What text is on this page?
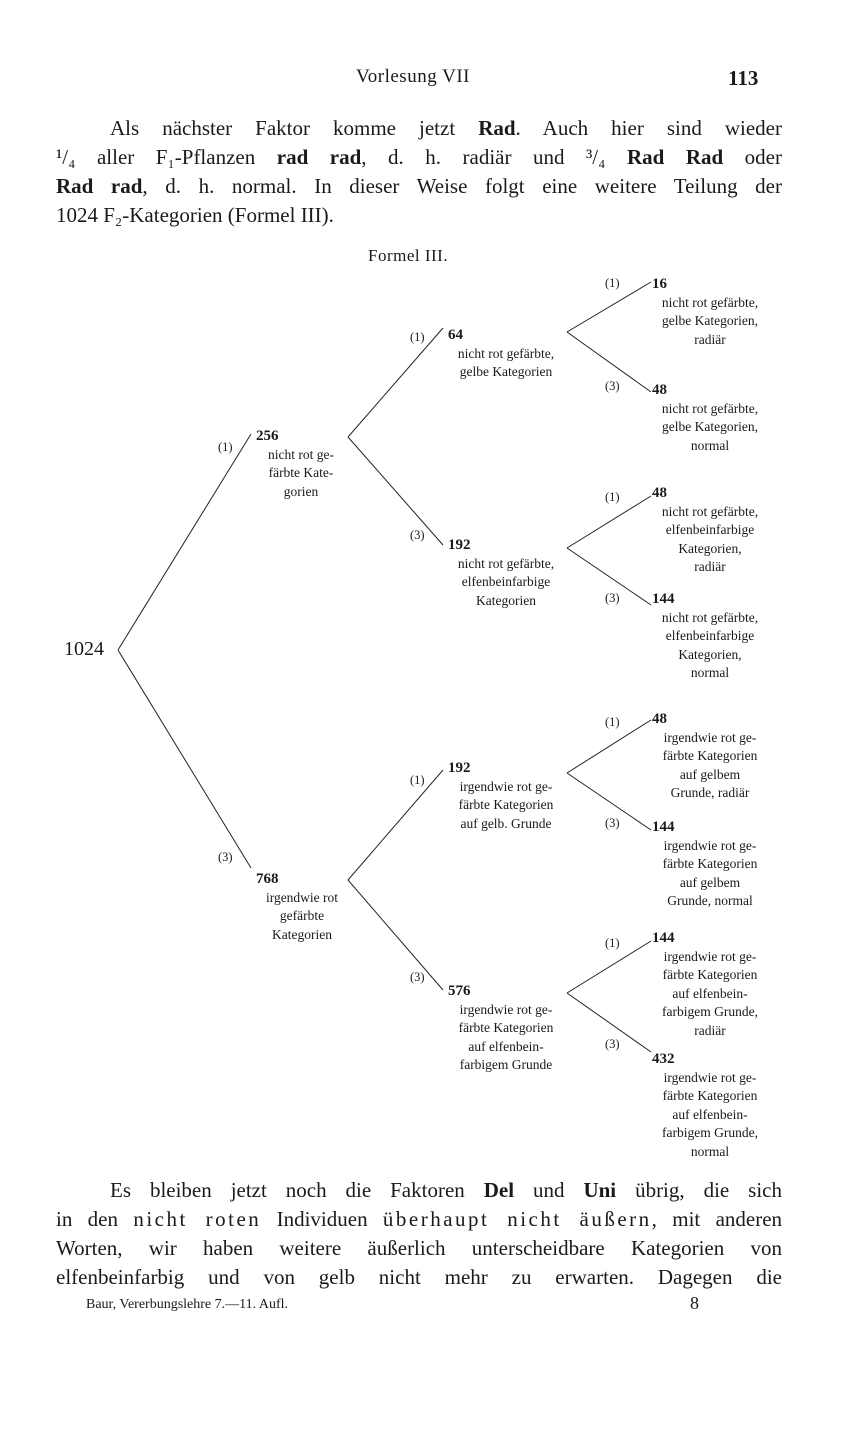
Vorlesung VII	113
Als nächster Faktor komme jetzt Rad. Auch hier sind wieder
¹/₄ aller F₁-Pflanzen rad rad, d. h. radiär und ³/₄ Rad Rad oder
Rad rad, d. h. normal. In dieser Weise folgt eine weitere Teilung der
1024 F₂-Kategorien (Formel III).
Formel III.
1024
(1)
(3)
(1)
(3)
(1)
(3)
(1)
(3)
(1)
(3)
(1)
(3)
(1)
(3)
256
nicht rot ge-
färbte Kate-
gorien
768
irgendwie rot
gefärbte
Kategorien
64
nicht rot gefärbte,
gelbe Kategorien
192
nicht rot gefärbte,
elfenbeinfarbige
Kategorien
192
irgendwie rot ge-
färbte Kategorien
auf gelb. Grunde
576
irgendwie rot ge-
färbte Kategorien
auf elfenbein-
farbigem Grunde
16
nicht rot gefärbte,
gelbe Kategorien,
radiär
48
nicht rot gefärbte,
gelbe Kategorien,
normal
48
nicht rot gefärbte,
elfenbeinfarbige
Kategorien,
radiär
144
nicht rot gefärbte,
elfenbeinfarbige
Kategorien,
normal
48
irgendwie rot ge-
färbte Kategorien
auf gelbem
Grunde, radiär
144
irgendwie rot ge-
färbte Kategorien
auf gelbem
Grunde, normal
144
irgendwie rot ge-
färbte Kategorien
auf elfenbein-
farbigem Grunde,
radiär
432
irgendwie rot ge-
färbte Kategorien
auf elfenbein-
farbigem Grunde,
normal
Es bleiben jetzt noch die Faktoren Del und Uni übrig, die sich
in den nicht roten Individuen überhaupt nicht äußern, mit anderen
Worten, wir haben weitere äußerlich unterscheidbare Kategorien von
elfenbeinfarbig und von gelb nicht mehr zu erwarten. Dagegen die
Baur, Vererbungslehre 7.—11. Aufl.	8
